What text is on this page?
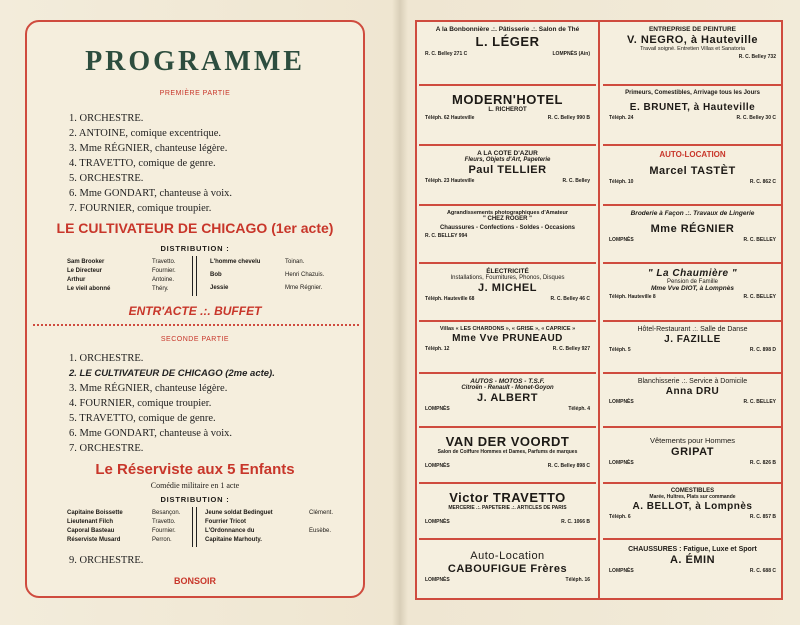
PROGRAMME
PREMIÈRE PARTIE
1. ORCHESTRE.
2. ANTOINE, comique excentrique.
3. Mme RÉGNIER, chanteuse légère.
4. TRAVETTO, comique de genre.
5. ORCHESTRE.
6. Mme GONDART, chanteuse à voix.
7. FOURNIER, comique troupier.
LE CULTIVATEUR DE CHICAGO (1er acte)
DISTRIBUTION :
Sam Brooker	Travetto.
Le Directeur	Fournier.
Arthur	Antoine.
Le vieil abonné	Théry.
L'homme chevelu	Toinan.
Bob	Henri Chazuis.
Jessie	Mme Régnier.
ENTR'ACTE .:. BUFFET
SECONDE PARTIE
1. ORCHESTRE.
2. LE CULTIVATEUR DE CHICAGO (2me acte).
3. Mme RÉGNIER, chanteuse légère.
4. FOURNIER, comique troupier.
5. TRAVETTO, comique de genre.
6. Mme GONDART, chanteuse à voix.
7. ORCHESTRE.
Le Réserviste aux 5 Enfants
Comédie militaire en 1 acte
DISTRIBUTION :
Capitaine Boissette	Besançon.
Lieutenant Filch	Travetto.
Caporal Basteau	Fournier.
Réserviste Musard	Perron.
Jeune soldat Bedinguet	Clément.
Fourrier Tricot
L'Ordonnance du	Eusèbe.
Capitaine Marhouty.
9. ORCHESTRE.
BONSOIR
A la Bonbonnière .:. Pâtisserie .:. Salon de Thé
L. LÉGER
R. C. Belley 271 C	LOMPNÈS (Ain)
MODERN'HOTEL
L. RICHEROT
Téléph. 62 Hauteville	R. C. Belley 990 B
A LA COTE D'AZUR
Fleurs, Objets d'Art, Papeterie
Paul TELLIER
Téléph. 23 Hauteville	R. C. Belley
Agrandissements photographiques d'Amateur
" CHEZ ROGER "
Chaussures - Confections - Soldes - Occasions
R. C. BELLEY 994
ÉLECTRICITÉ
Installations, Fournitures, Phonos, Disques
J. MICHEL
Téléph. Hauteville 68	R. C. Belley 46 C
Villas « LES CHARDONS », « GRISE », « CAPRICE »
Mme Vve PRUNEAUD
Téléph. 12	R. C. Belley 927
AUTOS - MOTOS - T.S.F.
Citroën - Renault - Monet-Goyon
J. ALBERT
LOMPNÈS	Téléph. 4
VAN DER VOORDT
Salon de Coiffure Hommes et Dames, Parfums de marques
LOMPNÈS	R. C. Belley 898 C
Victor TRAVETTO
MERCERIE .:. PAPETERIE .:. ARTICLES DE PARIS
LOMPNÈS	R. C. 1066 B
Auto-Location
CABOUFIGUE Frères
LOMPNÈS	Téléph. 16
ENTREPRISE DE PEINTURE
V. NEGRO, à Hauteville
Travail soigné. Entretien Villas et Sanatoria
R. C. Belley 732
Primeurs, Comestibles, Arrivage tous les Jours
E. BRUNET, à Hauteville
Téléph. 24	R. C. Belley 30 C
AUTO-LOCATION
Marcel TASTÈT
Téléph. 10	R. C. 862 C
Broderie à Façon .:. Travaux de Lingerie
Mme RÉGNIER
LOMPNÈS	R. C. BELLEY
" La Chaumière "
Pension de Famille
Mme Vve DIOT, à Lompnès
Téléph. Hauteville 8	R. C. BELLEY
Hôtel-Restaurant .:. Salle de Danse
J. FAZILLE
Téléph. 5	R. C. 898 D
Blanchisserie .:. Service à Domicile
Anna DRU
LOMPNÈS	R. C. BELLEY
Vêtements pour Hommes
GRIPAT
LOMPNÈS	R. C. 826 B
COMESTIBLES
Marée, Huîtres, Plats sur commande
A. BELLOT, à Lompnès
Téléph. 6	R. C. 857 B
CHAUSSURES : Fatigue, Luxe et Sport
A. ÉMIN
LOMPNÈS	R. C. 688 C
